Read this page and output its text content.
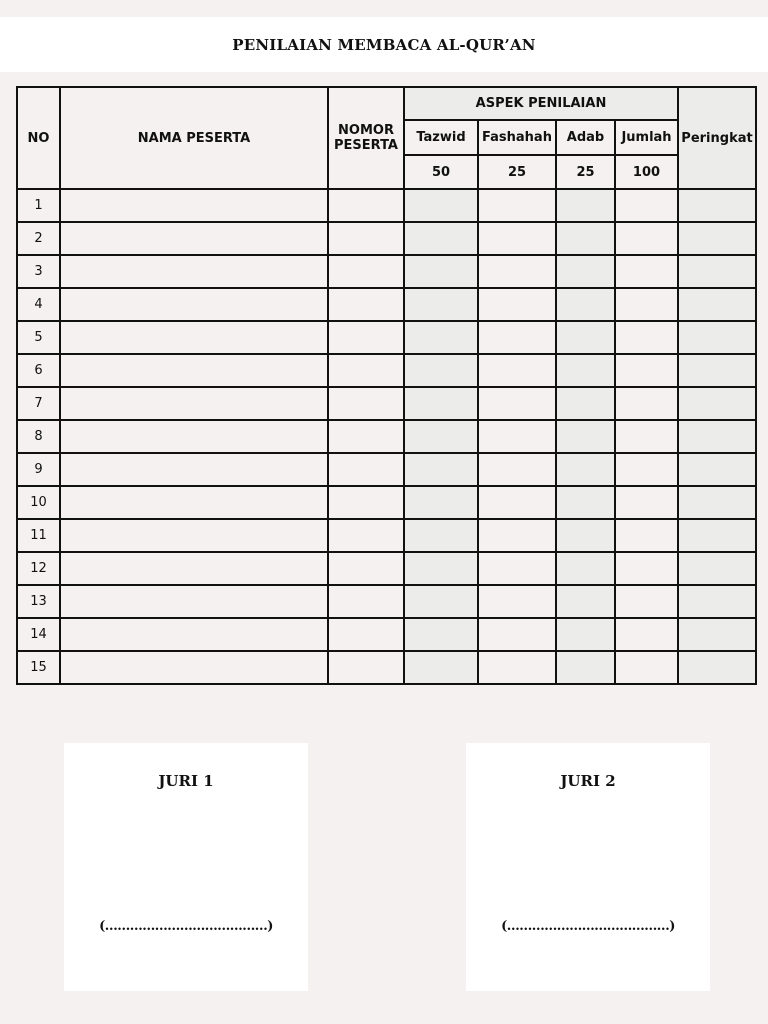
PENILAIAN MEMBACA AL-QUR’AN
NO	NAMA PESERTA	NOMOR PESERTA	ASPEK PENILAIAN				Peringkat
			Tazwid	Fashahah	Adab	Jumlah	
			50	25	25	100	
1							
2							
3							
4							
5							
6							
7							
8							
9							
10							
11							
12							
13							
14							
15							
JURI 1
(…………………………………)
JURI 2
(…………………………………)
